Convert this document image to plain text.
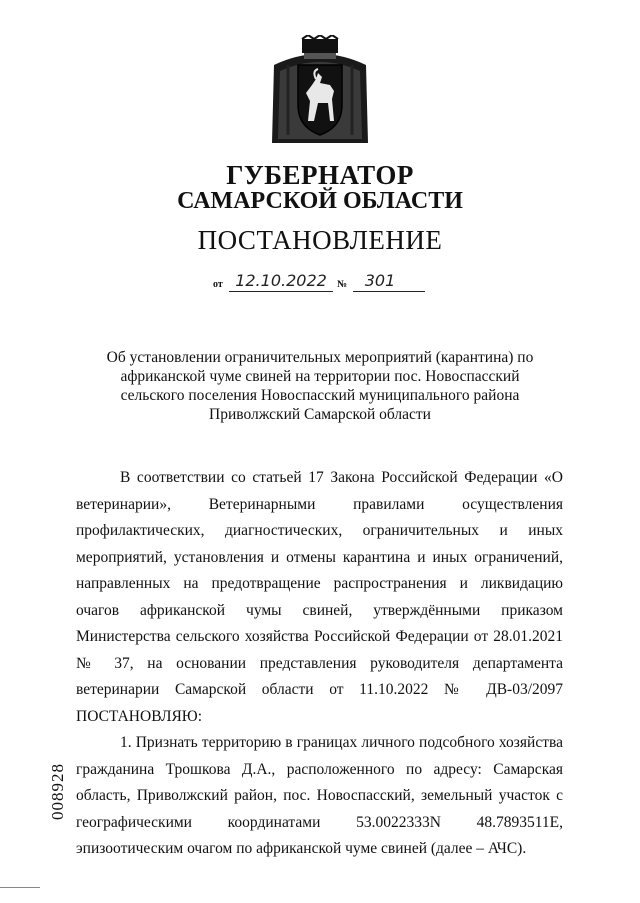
ГУБЕРНАТОР
САМАРСКОЙ ОБЛАСТИ
ПОСТАНОВЛЕНИЕ
от 12.10.2022	№	301
Об установлении ограничительных мероприятий (карантина) по африканской чуме свиней на территории пос. Новоспасский сельского поселения Новоспасский муниципального района Приволжский Самарской области

В соответствии со статьей 17 Закона Российской Федерации «О ветеринарии», Ветеринарными правилами осуществления профилактических, диагностических, ограничительных и иных мероприятий, установления и отмены карантина и иных ограничений, направленных на предотвращение распространения и ликвидацию очагов африканской чумы свиней, утверждёнными приказом Министерства сельского хозяйства Российской Федерации от 28.01.2021 № 37, на основании представления руководителя департамента ветеринарии Самарской области от 11.10.2022 № ДВ-03/2097 ПОСТАНОВЛЯЮ:

1. Признать территорию в границах личного подсобного хозяйства гражданина Трошкова Д.А., расположенного по адресу: Самарская область, Приволжский район, пос. Новоспасский, земельный участок с географическими координатами 53.0022333N 48.7893511E, эпизоотическим очагом по африканской чуме свиней (далее – АЧС).

008928
